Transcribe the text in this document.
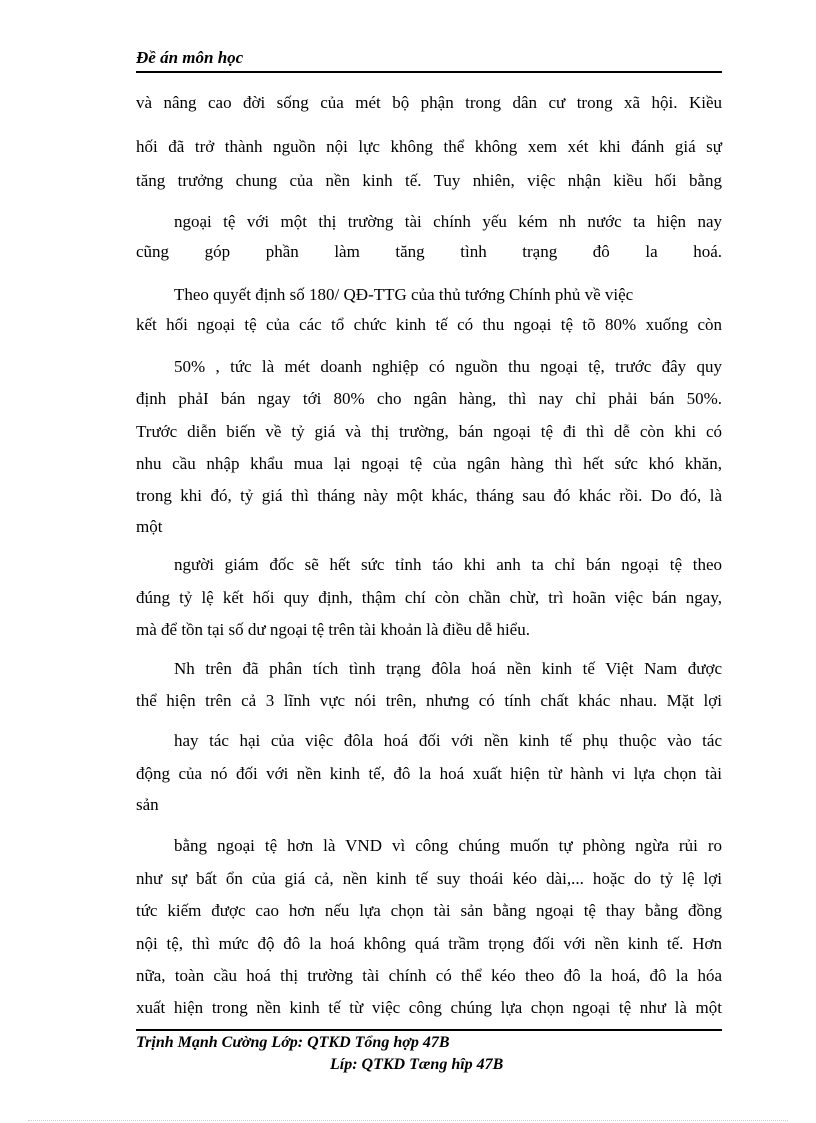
Đề án môn học
và nâng cao đời sống của mét bộ phận trong dân cư trong xã hội. Kiều
hối đã trở thành nguồn nội lực không thể không xem xét khi đánh giá sự
tăng trưởng chung của nền kinh tế. Tuy nhiên, việc nhận kiều hối bằng
ngoại tệ với một thị trường tài chính yếu kém nh nước ta hiện nay
cũng góp phần làm tăng tình trạng đô la hoá.
Theo quyết định số 180/ QĐ-TTG của thủ tướng Chính phủ về việc
kết hối ngoại tệ của các tổ chức kinh tế có thu ngoại tệ tõ 80% xuống còn
50% , tức là mét doanh nghiệp có nguồn thu ngoại tệ, trước đây quy
định phảI bán ngay tới 80% cho ngân hàng, thì nay chỉ phải bán 50%.
Trước diễn biến về tỷ giá và thị trường, bán ngoại tệ đi thì dễ còn khi có
nhu cầu nhập khẩu mua lại ngoại tệ của ngân hàng thì hết sức khó khăn,
trong khi đó, tỷ giá thì tháng này một khác, tháng sau đó khác rồi. Do đó, là
một
người giám đốc sẽ hết sức tỉnh táo khi anh ta chỉ bán ngoại tệ theo
đúng tỷ lệ kết hối quy định, thậm chí còn chần chừ, trì hoãn việc bán ngay,
mà để tồn tại số dư ngoại tệ trên tài khoản là điều dễ hiểu.
Nh trên đã phân tích tình trạng đôla hoá nền kinh tế Việt Nam được
thể hiện trên cả 3 lĩnh vực nói trên, nhưng có tính chất khác nhau. Mặt lợi
hay tác hại của việc đôla hoá đối với nền kinh tế phụ thuộc vào tác
động của nó đối với nền kinh tế, đô la hoá xuất hiện từ hành vi lựa chọn tài
sản
bằng ngoại tệ hơn là VND vì công chúng muốn tự phòng ngừa rủi ro
như sự bất ổn của giá cả, nền kinh tế suy thoái kéo dài,... hoặc do tỷ lệ lợi
tức kiếm được cao hơn nếu lựa chọn tài sản bằng ngoại tệ thay bằng đồng
nội tệ, thì mức độ đô la hoá không quá trầm trọng đối với nền kinh tế. Hơn
nữa, toàn cầu hoá thị trường tài chính có thể kéo theo đô la hoá, đô la hóa
xuất hiện trong nền kinh tế từ việc công chúng lựa chọn ngoại tệ như là một
Trịnh Mạnh Cường Lớp: QTKD Tổng hợp 47B
Líp: QTKD Tæng hîp 47B
